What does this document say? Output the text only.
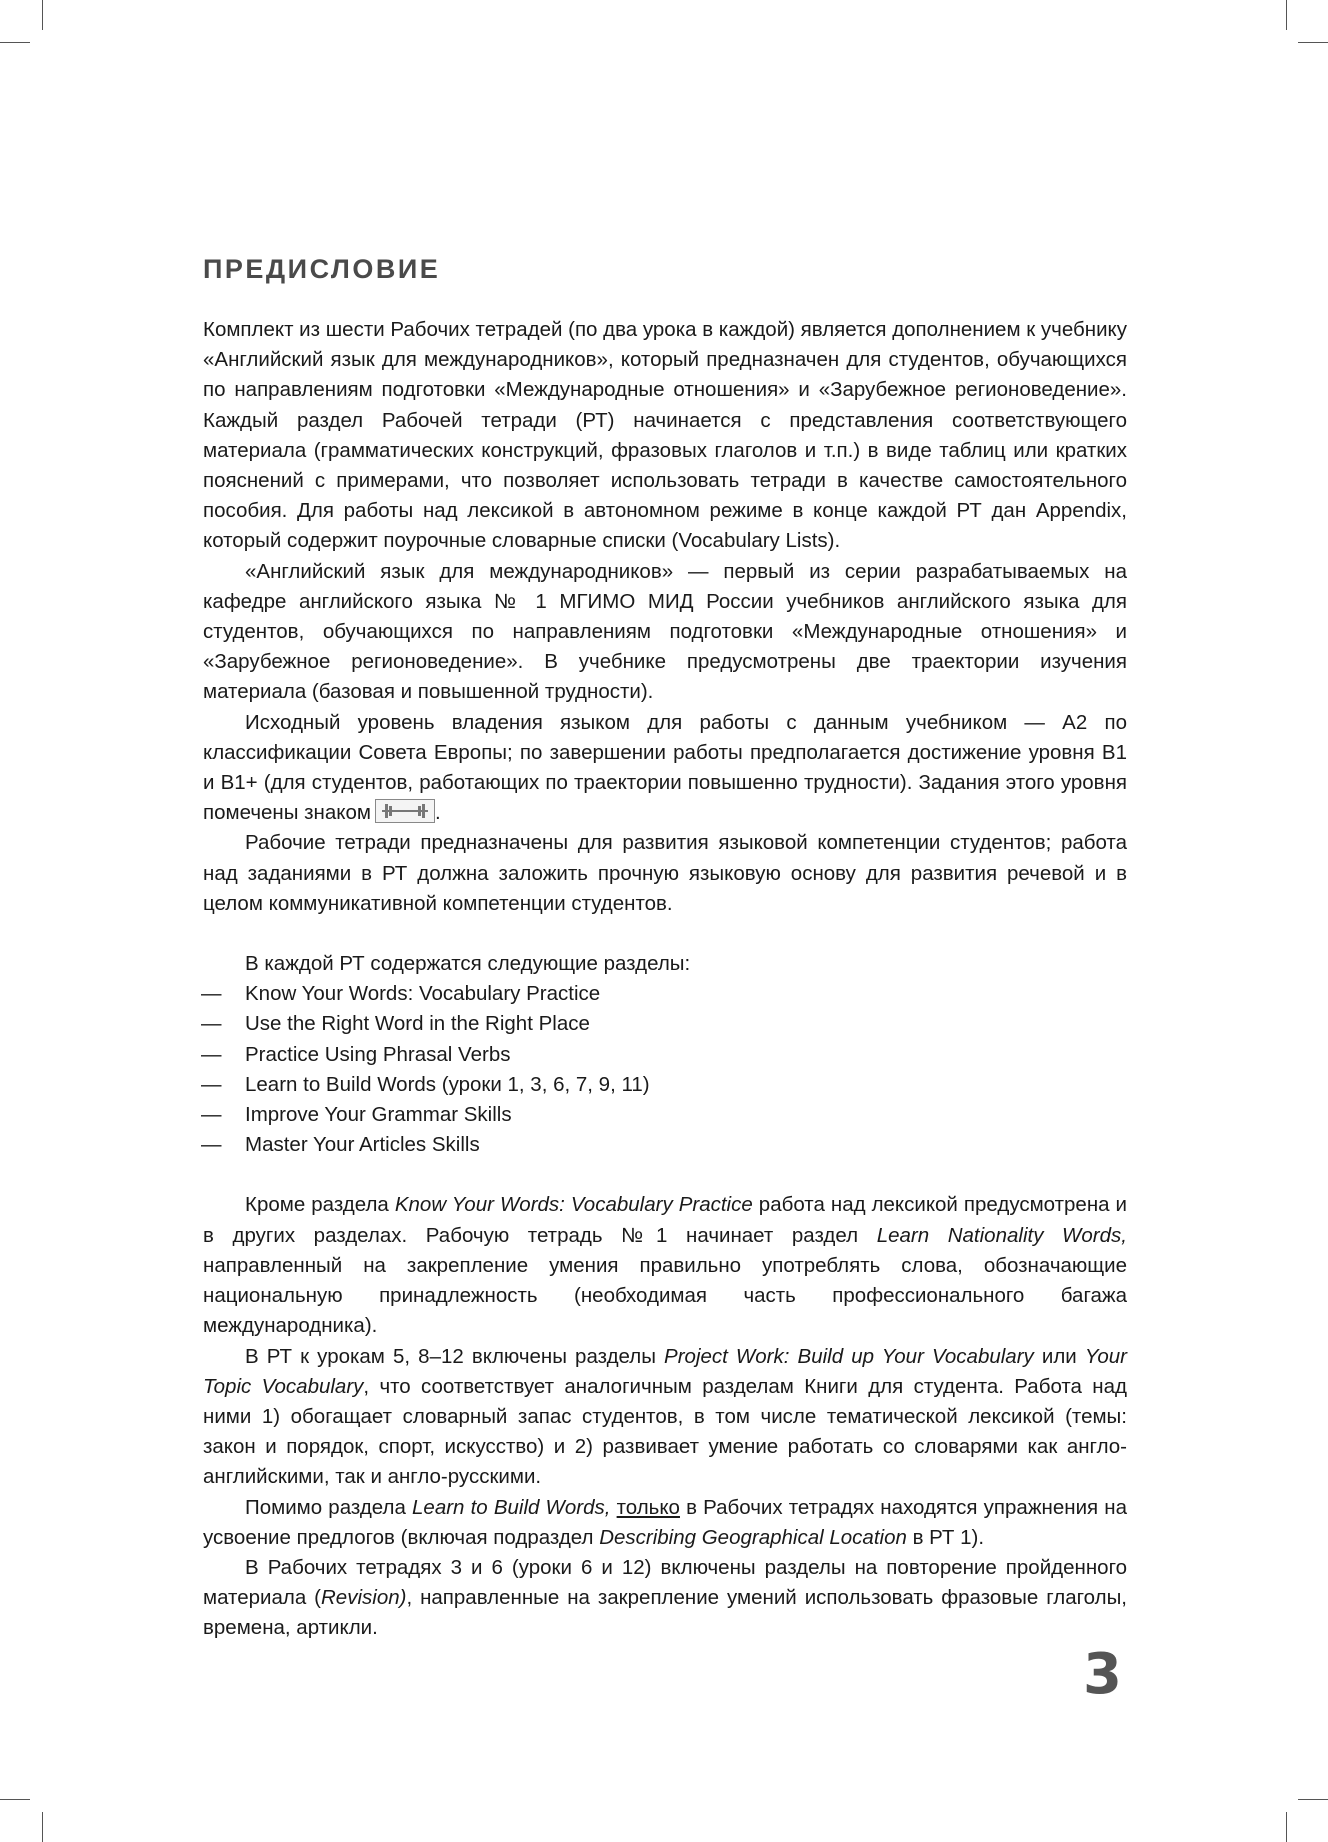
ПРЕДИСЛОВИЕ

Комплект из шести Рабочих тетрадей (по два урока в каждой) является дополнением к учебнику «Английский язык для международников», который предназначен для студентов, обучающихся по направлениям подготовки «Международные отношения» и «Зарубежное регионоведение». Каждый раздел Рабочей тетради (РТ) начинается с представления соответствующего материала (грамматических конструкций, фразовых глаголов и т.п.) в виде таблиц или кратких пояснений с примерами, что позволяет использовать тетради в качестве самостоятельного пособия. Для работы над лексикой в автономном режиме в конце каждой РТ дан Appendix, который содержит поурочные словарные списки (Vocabulary Lists).

«Английский язык для международников» — первый из серии разрабатываемых на кафедре английского языка № 1 МГИМО МИД России учебников английского языка для студентов, обучающихся по направлениям подготовки «Международные отношения» и «Зарубежное регионоведение». В учебнике предусмотрены две траектории изучения материала (базовая и повышенной трудности).

Исходный уровень владения языком для работы с данным учебником — А2 по классификации Совета Европы; по завершении работы предполагается достижение уровня В1 и В1+ (для студентов, работающих по траектории повышенно трудности). Задания этого уровня помечены знаком	.

Рабочие тетради предназначены для развития языковой компетенции студентов; работа над заданиями в РТ должна заложить прочную языковую основу для развития речевой и в целом коммуникативной компетенции студентов.

В каждой РТ содержатся следующие разделы:

— Know Your Words: Vocabulary Practice
— Use the Right Word in the Right Place
— Practice Using Phrasal Verbs
— Learn to Build Words (уроки 1, 3, 6, 7, 9, 11)
— Improve Your Grammar Skills
— Master Your Articles Skills

Кроме раздела Know Your Words: Vocabulary Practice работа над лексикой предусмотрена и в других разделах. Рабочую тетрадь №1 начинает раздел Learn Nationality Words, направленный на закрепление умения правильно употреблять слова, обозначающие национальную принадлежность (необходимая часть профессионального багажа международника).

В РТ к урокам 5, 8–12 включены разделы Project Work: Build up Your Vocabulary или Your Topic Vocabulary, что соответствует аналогичным разделам Книги для студента. Работа над ними 1) обогащает словарный запас студентов, в том числе тематической лексикой (темы: закон и порядок, спорт, искусство) и 2) развивает умение работать со словарями как англо-английскими, так и англо-русскими.

Помимо раздела Learn to Build Words, только в Рабочих тетрадях находятся упражнения на усвоение предлогов (включая подраздел Describing Geographical Location в РТ 1).

В Рабочих тетрадях 3 и 6 (уроки 6 и 12) включены разделы на повторение пройденного материала (Revision), направленные на закрепление умений использовать фразовые глаголы, времена, артикли.

3
